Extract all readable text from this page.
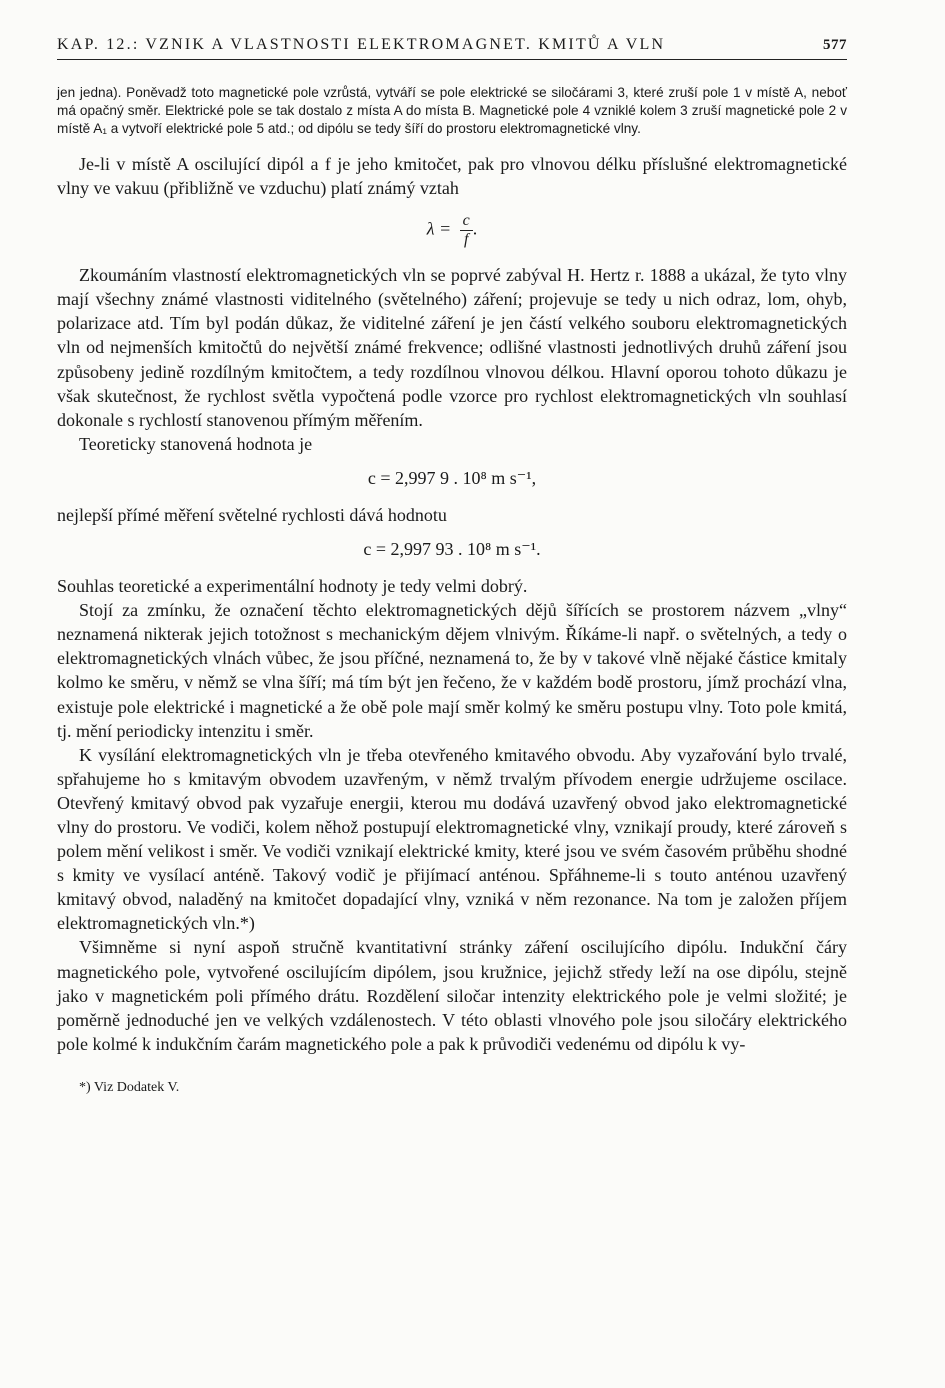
KAP. 12.: VZNIK A VLASTNOSTI ELEKTROMAGNET. KMITŮ A VLN	577
jen jedna). Poněvadž toto magnetické pole vzrůstá, vytváří se pole elektrické se siločárami 3, které zruší pole 1 v místě A, neboť má opačný směr. Elektrické pole se tak dostalo z místa A do místa B. Magnetické pole 4 vzniklé kolem 3 zruší magnetické pole 2 v místě A₁ a vytvoří elektrické pole 5 atd.; od dipólu se tedy šíří do prostoru elektromagnetické vlny.

Je-li v místě A oscilující dipól a f je jeho kmitočet, pak pro vlnovou délku příslušné elektromagnetické vlny ve vakuu (přibližně ve vzduchu) platí známý vztah

$\lambda = \frac{c}{f}$ .

Zkoumáním vlastností elektromagnetických vln se poprvé zabýval H. Hertz r. 1888 a ukázal, že tyto vlny mají všechny známé vlastnosti viditelného (světelného) záření; projevuje se tedy u nich odraz, lom, ohyb, polarizace atd. Tím byl podán důkaz, že viditelné záření je jen částí velkého souboru elektromagnetických vln od nejmenších kmitočtů do největší známé frekvence; odlišné vlastnosti jednotlivých druhů záření jsou způsobeny jedině rozdílným kmitočtem, a tedy rozdílnou vlnovou délkou. Hlavní oporou tohoto důkazu je však skutečnost, že rychlost světla vypočtená podle vzorce pro rychlost elektromagnetických vln souhlasí dokonale s rychlostí stanovenou přímým měřením.

Teoreticky stanovená hodnota je

c = 2,997 9 . 10⁸ m s⁻¹,

nejlepší přímé měření světelné rychlosti dává hodnotu

c = 2,997 93 . 10⁸ m s⁻¹.

Souhlas teoretické a experimentální hodnoty je tedy velmi dobrý.

Stojí za zmínku, že označení těchto elektromagnetických dějů šířících se prostorem názvem „vlny“ neznamená nikterak jejich totožnost s mechanickým dějem vlnivým. Říkáme-li např. o světelných, a tedy o elektromagnetických vlnách vůbec, že jsou příčné, neznamená to, že by v takové vlně nějaké částice kmitaly kolmo ke směru, v němž se vlna šíří; má tím být jen řečeno, že v každém bodě prostoru, jímž prochází vlna, existuje pole elektrické i magnetické a že obě pole mají směr kolmý ke směru postupu vlny. Toto pole kmitá, tj. mění periodicky intenzitu i směr.

K vysílání elektromagnetických vln je třeba otevřeného kmitavého obvodu. Aby vyzařování bylo trvalé, spřahujeme ho s kmitavým obvodem uzavřeným, v němž trvalým přívodem energie udržujeme oscilace. Otevřený kmitavý obvod pak vyzařuje energii, kterou mu dodává uzavřený obvod jako elektromagnetické vlny do prostoru. Ve vodiči, kolem něhož postupují elektromagnetické vlny, vznikají proudy, které zároveň s polem mění velikost i směr. Ve vodiči vznikají elektrické kmity, které jsou ve svém časovém průběhu shodné s kmity ve vysílací anténě. Takový vodič je přijímací anténou. Spřáhneme-li s touto anténou uzavřený kmitavý obvod, naladěný na kmitočet dopadající vlny, vzniká v něm rezonance. Na tom je založen příjem elektromagnetických vln.*)

Všimněme si nyní aspoň stručně kvantitativní stránky záření oscilujícího dipólu. Indukční čáry magnetického pole, vytvořené oscilujícím dipólem, jsou kružnice, jejichž středy leží na ose dipólu, stejně jako v magnetickém poli přímého drátu. Rozdělení siločar intenzity elektrického pole je velmi složité; je poměrně jednoduché jen ve velkých vzdálenostech. V této oblasti vlnového pole jsou siločáry elektrického pole kolmé k indukčním čarám magnetického pole a pak k průvodiči vedenému od dipólu k vy-

*) Viz Dodatek V.
